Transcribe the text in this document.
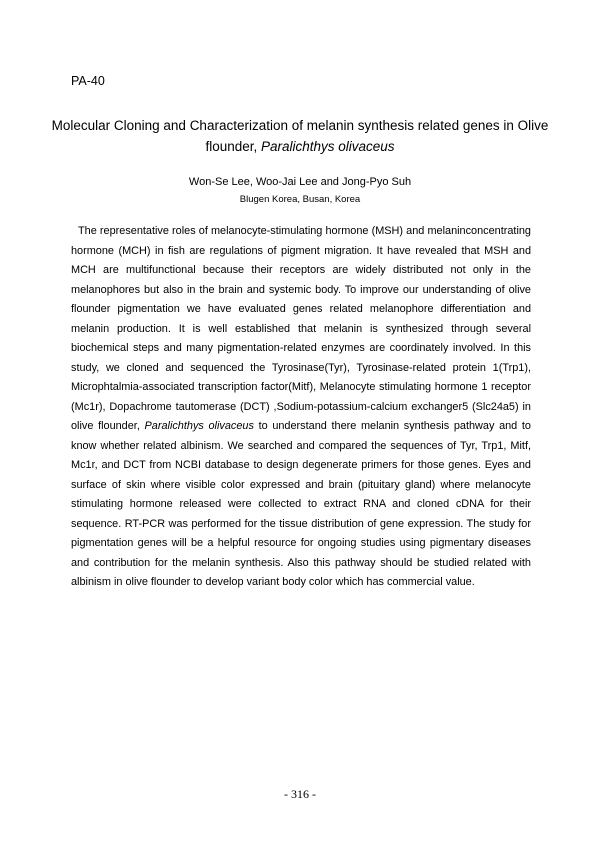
PA-40
Molecular Cloning and Characterization of melanin synthesis related genes in Olive flounder, Paralichthys olivaceus
Won-Se Lee, Woo-Jai Lee and Jong-Pyo Suh
Blugen Korea, Busan, Korea
The representative roles of melanocyte-stimulating hormone (MSH) and melaninconcentrating hormone (MCH) in fish are regulations of pigment migration. It have revealed that MSH and MCH are multifunctional because their receptors are widely distributed not only in the melanophores but also in the brain and systemic body. To improve our understanding of olive flounder pigmentation we have evaluated genes related melanophore differentiation and melanin production. It is well established that melanin is synthesized through several biochemical steps and many pigmentation-related enzymes are coordinately involved. In this study, we cloned and sequenced the Tyrosinase(Tyr), Tyrosinase-related protein 1(Trp1), Microphtalmia-associated transcription factor(Mitf), Melanocyte stimulating hormone 1 receptor (Mc1r), Dopachrome tautomerase (DCT) ,Sodium-potassium-calcium exchanger5 (Slc24a5) in olive flounder, Paralichthys olivaceus to understand there melanin synthesis pathway and to know whether related albinism. We searched and compared the sequences of Tyr, Trp1, Mitf, Mc1r, and DCT from NCBI database to design degenerate primers for those genes. Eyes and surface of skin where visible color expressed and brain (pituitary gland) where melanocyte stimulating hormone released were collected to extract RNA and cloned cDNA for their sequence. RT-PCR was performed for the tissue distribution of gene expression. The study for pigmentation genes will be a helpful resource for ongoing studies using pigmentary diseases and contribution for the melanin synthesis. Also this pathway should be studied related with albinism in olive flounder to develop variant body color which has commercial value.
- 316 -
